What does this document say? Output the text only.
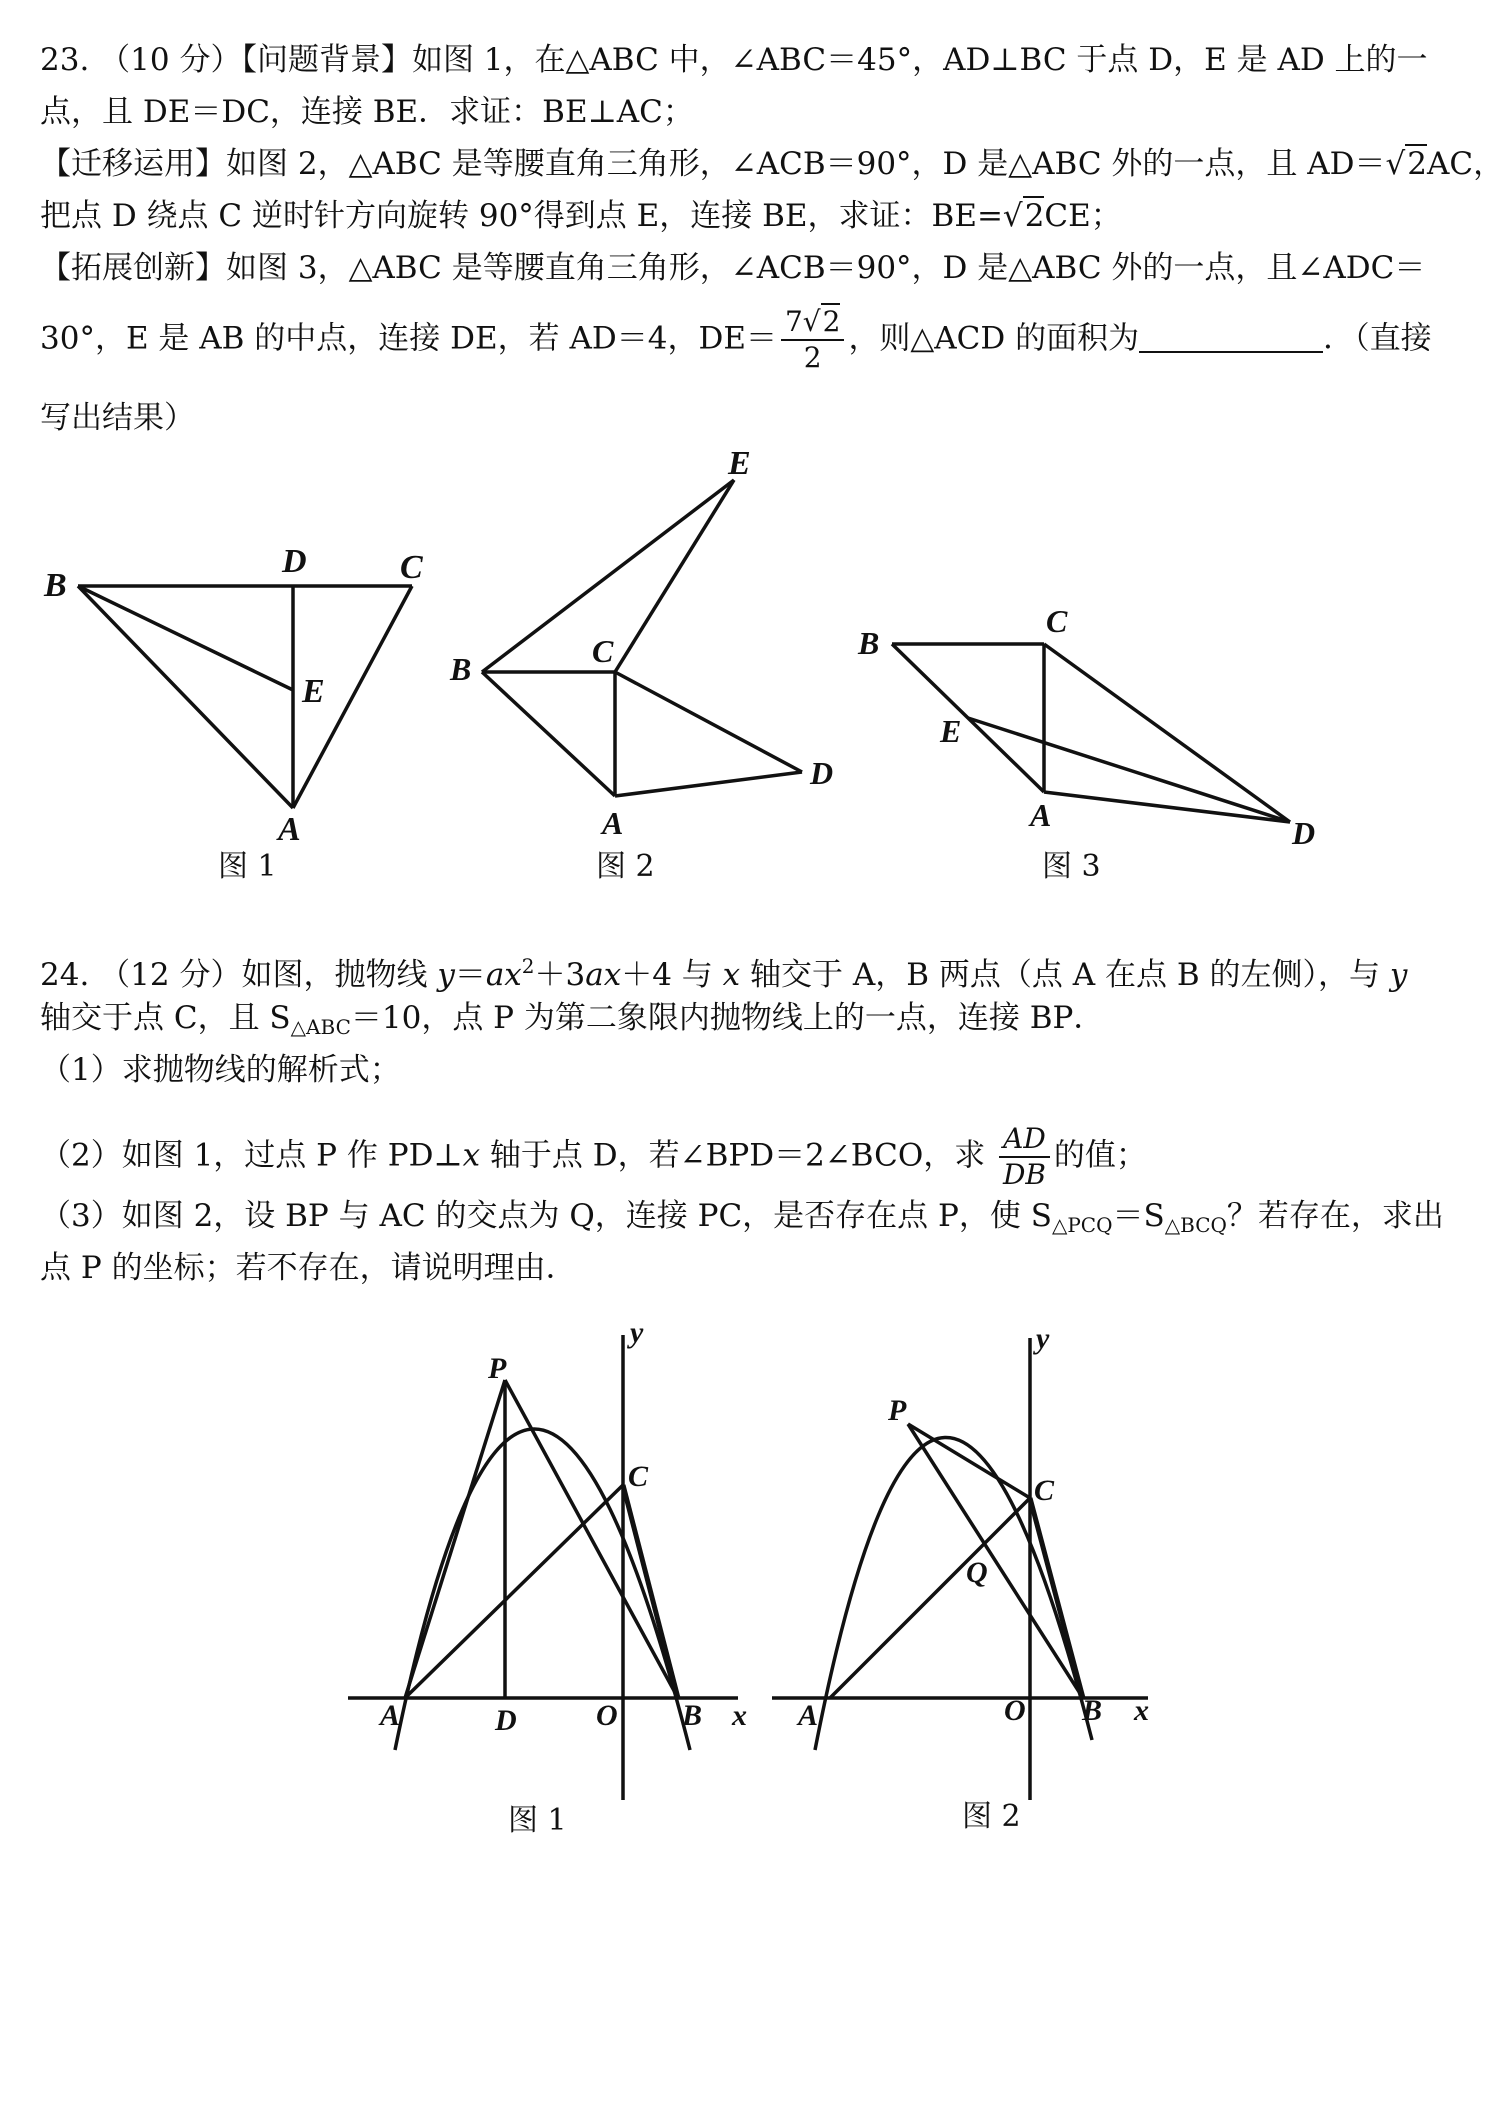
23. （10 分）【问题背景】如图 1，在△ABC 中，∠ABC＝45°，AD⊥BC 于点 D，E 是 AD 上的一
点，且 DE＝DC，连接 BE．求证：BE⊥AC；
【迁移运用】如图 2，△ABC 是等腰直角三角形，∠ACB＝90°，D 是△ABC 外的一点，且 AD＝√2AC，
把点 D 绕点 C 逆时针方向旋转 90°得到点 E，连接 BE，求证：BE=√2CE；
【拓展创新】如图 3，△ABC 是等腰直角三角形，∠ACB＝90°，D 是△ABC 外的一点，且∠ADC＝
30°，E 是 AB 的中点，连接 DE，若 AD＝4，$DE= \frac{7√2}{2}$ ，则△ACD 的面积为	．（直接
写出结果）
B
D	C
E
A
图 1
E
B	C
D
A
图 2
B
C
E
A	D
图 3
24. （12 分）如图，抛物线 $y=ax^2+3ax+4$ 与 x 轴交于 A，B 两点（点 A 在点 B 的左侧），与 y
轴交于点 C，且 $S_{\triangle ABC}=10$，点 P 为第二象限内抛物线上的一点，连接 BP．
（1）求抛物线的解析式；
（2）如图 1，过点 P 作 PD⊥x 轴于点 D，若∠BPD＝2∠BCO，求 $\frac{AD}{DB}$ 的值；
（3）如图 2，设 BP 与 AC 的交点为 Q，连接 PC，是否存在点 P，使 $S_{\triangle PCQ}=S_{\triangle BCQ}$？若存在，求出
点 P 的坐标；若不存在，请说明理由．
P
C
A	D	O B x
y
图 1
P
C
Q
A	O B x
y
图 2
